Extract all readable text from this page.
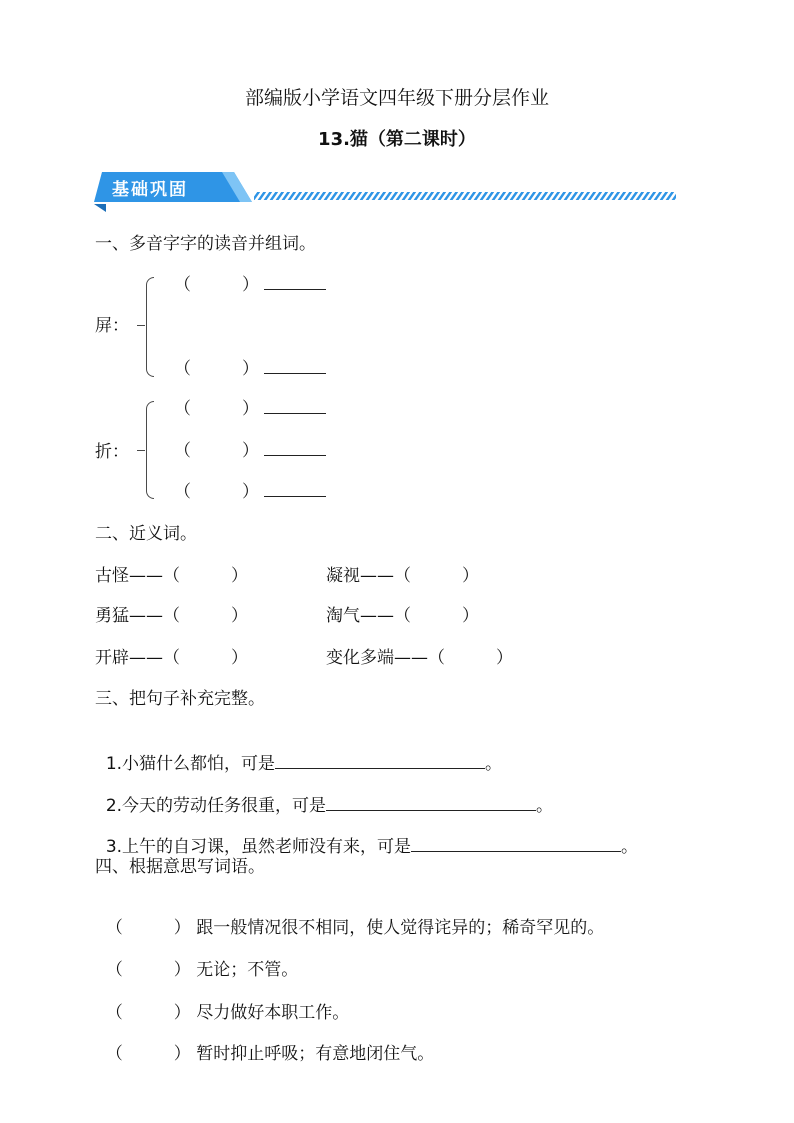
部编版小学语文四年级下册分层作业
13.猫（第二课时）
基础巩固
一、多音字字的读音并组词。
屏：
（　　　）
（　　　）
折：
（　　　）
（　　　）
（　　　）
二、近义词。
古怪——（　　　）	凝视——（　　　）
勇猛——（　　　）	淘气——（　　　）
开辟——（　　　）	变化多端——（　　　）
三、把句子补充完整。

1.小猫什么都怕，可是	。

2.今天的劳动任务很重，可是	。

3.上午的自习课，虽然老师没有来，可是	。

四、根据意思写词语。

（　　　） 跟一般情况很不相同，使人觉得诧异的；稀奇罕见的。

（　　　） 无论；不管。

（　　　） 尽力做好本职工作。

（　　　） 暂时抑止呼吸；有意地闭住气。
